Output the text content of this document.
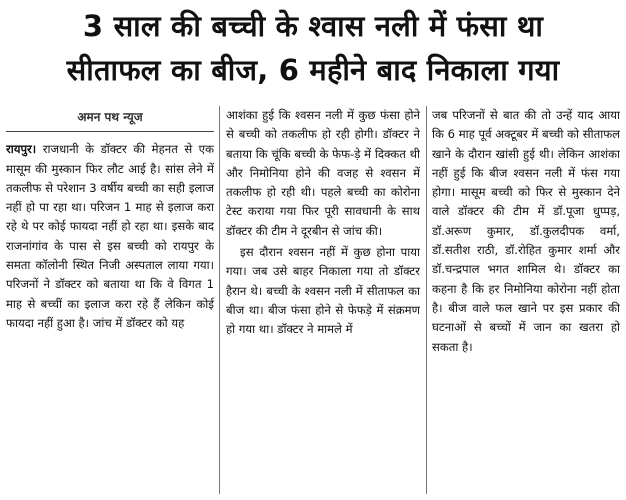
3 साल की बच्ची के श्वास नली में फंसा था
सीताफल का बीज, 6 महीने बाद निकाला गया
अमन पथ न्यूज

रायपुर। राजधानी के डॉक्टर की मेहनत से एक मासूम की मुस्कान फिर लौट आई है। सांस लेने में तकलीफ से परेशान 3 वर्षीय बच्ची का सही इलाज नहीं हो पा रहा था। परिजन 1 माह से इलाज करा रहे थे पर कोई फायदा नहीं हो रहा था। इसके बाद राजनांगांव के पास से इस बच्ची को रायपुर के समता कॉलोनी स्थित निजी अस्पताल लाया गया। परिजनों ने डॉक्टर को बताया था कि वे विगत 1 माह से बच्चीं का इलाज करा रहे हैं लेकिन कोई फायदा नहीं हुआ है। जांच में डॉक्टर को यह

आशंका हुई कि श्वसन नली में कुछ फंसा होने से बच्ची को तकलीफ हो रही होगी। डॉक्टर ने बताया कि चूंकि बच्ची के फेफ-ड़े में दिक्कत थी और निमोनिया होने की वजह से श्वसन में तकलीफ हो रही थी। पहले बच्ची का कोरोना टेस्ट कराया गया फिर पूरी सावधानी के साथ डॉक्टर की टीम ने दूरबीन से जांच की।

इस दौरान श्वसन नहीं में कुछ होना पाया गया। जब उसे बाहर निकाला गया तो डॉक्टर हैरान थे। बच्ची के श्वसन नली में सीताफल का बीज था। बीज फंसा होने से फेफड़े में संक्रमण हो गया था। डॉक्टर ने मामले में

जब परिजनों से बात की तो उन्हें याद आया कि 6 माह पूर्व अक्टूबर में बच्ची को सीताफल खाने के दौरान खांसी हुई थी। लेकिन आशंका नहीं हुई कि बीज श्वसन नली में फंस गया होगा। मासूम बच्ची को फिर से मुस्कान देने वाले डॉक्टर की टीम में डॉ.पूजा धुप्पड़, डॉ.अरूण कुमार, डॉ.कुलदीपक वर्मा, डॉ.सतीश राठी, डॉ.रोहित कुमार शर्मा और डॉ.चन्द्रपाल भगत शामिल थे। डॉक्टर का कहना है कि हर निमोनिया कोरोना नहीं होता है। बीज वाले फल खाने पर इस प्रकार की घटनाओं से बच्चों में जान का खतरा हो सकता है।
